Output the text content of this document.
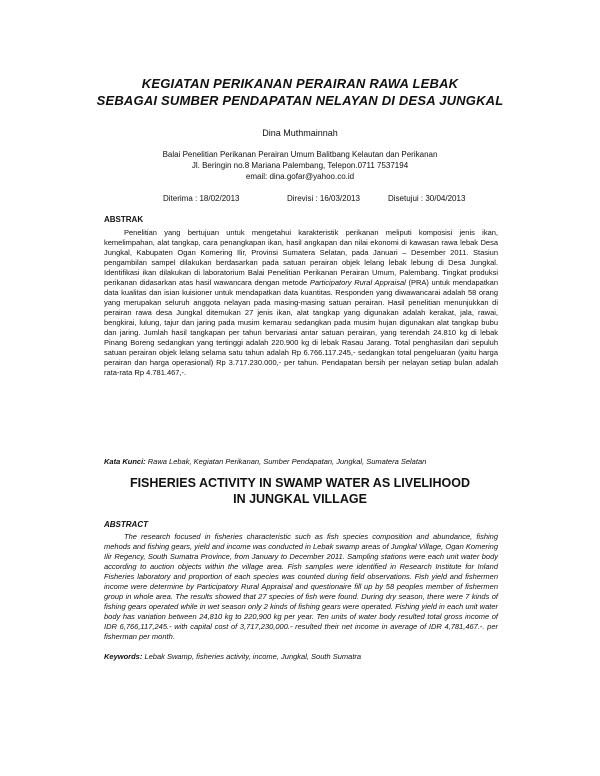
KEGIATAN PERIKANAN PERAIRAN RAWA LEBAK
SEBAGAI SUMBER PENDAPATAN NELAYAN DI DESA JUNGKAL
Dina Muthmainnah
Balai Penelitian Perikanan Perairan Umum Balitbang Kelautan dan Perikanan
Jl. Beringin no.8 Mariana Palembang, Telepon.0711 7537194
email: dina.gofar@yahoo.co.id
Diterima : 18/02/2013	Direvisi : 16/03/2013	Disetujui : 30/04/2013
ABSTRAK
Penelitian yang bertujuan untuk mengetahui karakteristik perikanan meliputi komposisi jenis ikan, kemelimpahan, alat tangkap, cara penangkapan ikan, hasil angkapan dan nilai ekonomi di kawasan rawa lebak Desa Jungkal, Kabupaten Ogan Komering Ilir, Provinsi Sumatera Selatan, pada Januari – Desember 2011. Stasiun pengambilan sampel dilakukan berdasarkan pada satuan perairan objek lelang lebak lebung di Desa Jungkal. Identifikasi ikan dilakukan di laboratorium Balai Penelitian Perikanan Perairan Umum, Palembang. Tingkat produksi perikanan didasarkan atas hasil wawancara dengan metode Participatory Rural Appraisal (PRA) untuk mendapatkan data kualitas dan isian kuisioner untuk mendapatkan data kuantitas. Responden yang diwawancarai adalah 58 orang yang merupakan seluruh anggota nelayan pada masing-masing satuan perairan. Hasil penelitian menunjukkan di perairan rawa desa Jungkal ditemukan 27 jenis ikan, alat tangkap yang digunakan adalah kerakat, jala, rawai, bengkirai, lulung, tajur dan jaring pada musim kemarau sedangkan pada musim hujan digunakan alat tangkap bubu dan jaring. Jumlah hasil tangkapan per tahun bervariasi antar satuan perairan, yang terendah 24.810 kg di lebak Pinang Boreng sedangkan yang tertinggi adalah 220.900 kg di lebak Rasau Jarang. Total penghasilan dari sepuluh satuan perairan objek lelang selama satu tahun adalah Rp 6.766.117.245,- sedangkan total pengeluaran (yaitu harga perairan dan harga operasional) Rp 3.717.230.000,- per tahun. Pendapatan bersih per nelayan setiap bulan adalah rata-rata Rp 4.781.467,-.
Kata Kunci: Rawa Lebak, Kegiatan Perikanan, Sumber Pendapatan, Jungkal, Sumatera Selatan
FISHERIES ACTIVITY IN SWAMP WATER AS LIVELIHOOD
IN JUNGKAL VILLAGE
ABSTRACT
The research focused in fisheries characteristic such as fish species composition and abundance, fishing mehods and fishing gears, yield and income was conducted in Lebak swamp areas of Jungkal Village, Ogan Komering Ilir Regency, South Sumatra Province, from January to December 2011. Sampling stations were each unit water body according to auction objects within the village area. Fish samples were identified in Research Institute for Inland Fisheries laboratory and proportion of each species was counted during field observations. Fish yield and fishermen income were determine by Participatory Rural Appraisal and questionaire fill up by 58 peoples member of fishermen group in whole area. The results showed that 27 species of fish were found. During dry season, there were 7 kinds of fishing gears operated while in wet season only 2 kinds of fishing gears were operated. Fishing yield in each unit water body has variation between 24,810 kg to 220,900 kg per year. Ten units of water body resulted total gross income of IDR 6,766,117,245.- with capital cost of 3,717,230,000.- resulted their net income in average of IDR 4,781,467.-. per fisherman per month.
Keywords: Lebak Swamp, fisheries activity, income, Jungkal, South Sumatra
